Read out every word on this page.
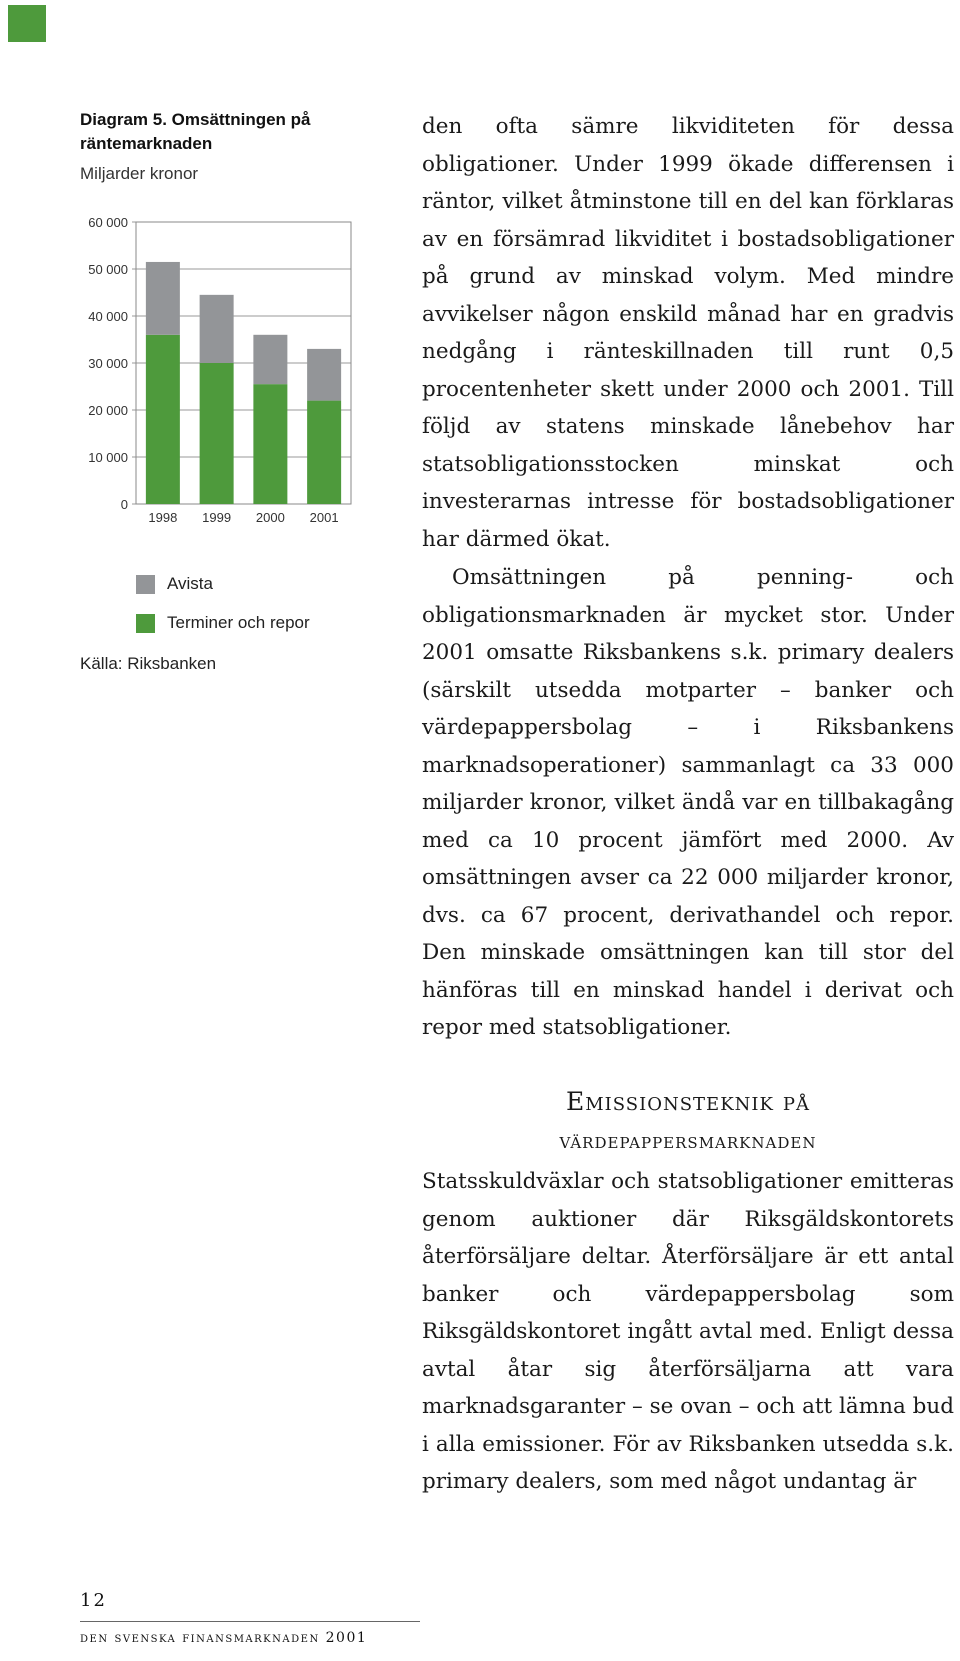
Diagram 5. Omsättningen på räntemarknaden
Miljarder kronor
0
10 000
20 000
30 000
40 000
50 000
60 000
1998 1999 2000 2001
Avista
Terminer och repor
Källa: Riksbanken

den ofta sämre likviditeten för dessa obligationer. Under 1999 ökade differensen i räntor, vilket åtminstone till en del kan förklaras av en försämrad likviditet i bostadsobligationer på grund av minskad volym. Med mindre avvikelser någon enskild månad har en gradvis nedgång i ränteskillnaden till runt 0,5 procentenheter skett under 2000 och 2001. Till följd av statens minskade lånebehov har statsobligationsstocken minskat och investerarnas intresse för bostadsobligationer har därmed ökat.

Omsättningen på penning- och obligationsmarknaden är mycket stor. Under 2001 omsatte Riksbankens s.k. primary dealers (särskilt utsedda motparter – banker och värdepappersbolag – i Riksbankens marknadsoperationer) sammanlagt ca 33 000 miljarder kronor, vilket ändå var en tillbakagång med ca 10 procent jämfört med 2000. Av omsättningen avser ca 22 000 miljarder kronor, dvs. ca 67 procent, derivathandel och repor. Den minskade omsättningen kan till stor del hänföras till en minskad handel i derivat och repor med statsobligationer.

Emissionsteknik på
värdepappersmarknaden

Statsskuldväxlar och statsobligationer emitteras genom auktioner där Riksgäldskontorets återförsäljare deltar. Återförsäljare är ett antal banker och värdepappersbolag som Riksgäldskontoret ingått avtal med. Enligt dessa avtal åtar sig återförsäljarna att vara marknadsgaranter – se ovan – och att lämna bud i alla emissioner. För av Riksbanken utsedda s.k. primary dealers, som med något undantag är

12
den svenska finansmarknaden 2001
